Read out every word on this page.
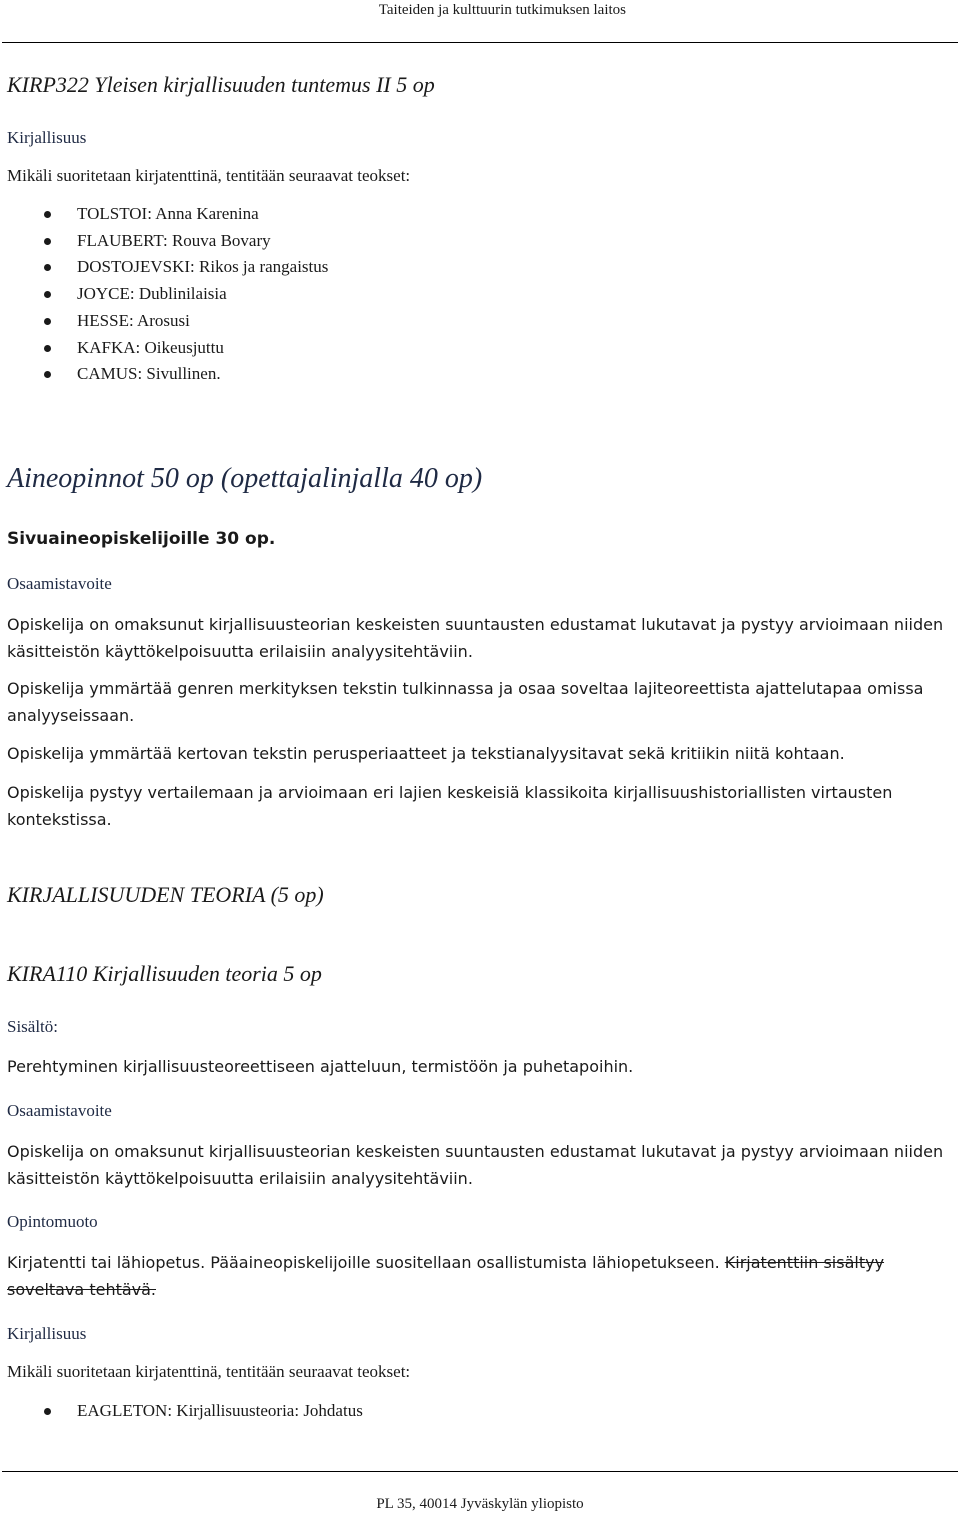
Taiteiden ja kulttuurin tutkimuksen laitos
KIRP322 Yleisen kirjallisuuden tuntemus II 5 op
Kirjallisuus
Mikäli suoritetaan kirjatenttinä, tentitään seuraavat teokset:
TOLSTOI: Anna Karenina
FLAUBERT: Rouva Bovary
DOSTOJEVSKI: Rikos ja rangaistus
JOYCE: Dublinilaisia
HESSE: Arosusi
KAFKA: Oikeusjuttu
CAMUS: Sivullinen.
Aineopinnot 50 op (opettajalinjalla 40 op)
Sivuaineopiskelijoille 30 op.
Osaamistavoite

Opiskelija on omaksunut kirjallisuusteorian keskeisten suuntausten edustamat lukutavat ja pystyy arvioimaan niiden käsitteistön käyttökelpoisuutta erilaisiin analyysitehtäviin.

Opiskelija ymmärtää genren merkityksen tekstin tulkinnassa ja osaa soveltaa lajiteoreettista ajattelutapaa omissa analyyseissaan.

Opiskelija ymmärtää kertovan tekstin perusperiaatteet ja tekstianalyysitavat sekä kritiikin niitä kohtaan.

Opiskelija pystyy vertailemaan ja arvioimaan eri lajien keskeisiä klassikoita kirjallisuushistoriallisten virtausten kontekstissa.

KIRJALLISUUDEN TEORIA (5 op)
KIRA110 Kirjallisuuden teoria 5 op
Sisältö:

Perehtyminen kirjallisuusteoreettiseen ajatteluun, termistöön ja puhetapoihin.

Osaamistavoite

Opiskelija on omaksunut kirjallisuusteorian keskeisten suuntausten edustamat lukutavat ja pystyy arvioimaan niiden käsitteistön käyttökelpoisuutta erilaisiin analyysitehtäviin.

Opintomuoto

Kirjatentti tai lähiopetus. Pääaineopiskelijoille suositellaan osallistumista lähiopetukseen. Kirjatenttiin sisältyy soveltava tehtävä.

Kirjallisuus
Mikäli suoritetaan kirjatenttinä, tentitään seuraavat teokset:
EAGLETON: Kirjallisuusteoria: Johdatus
PL 35, 40014 Jyväskylän yliopisto
